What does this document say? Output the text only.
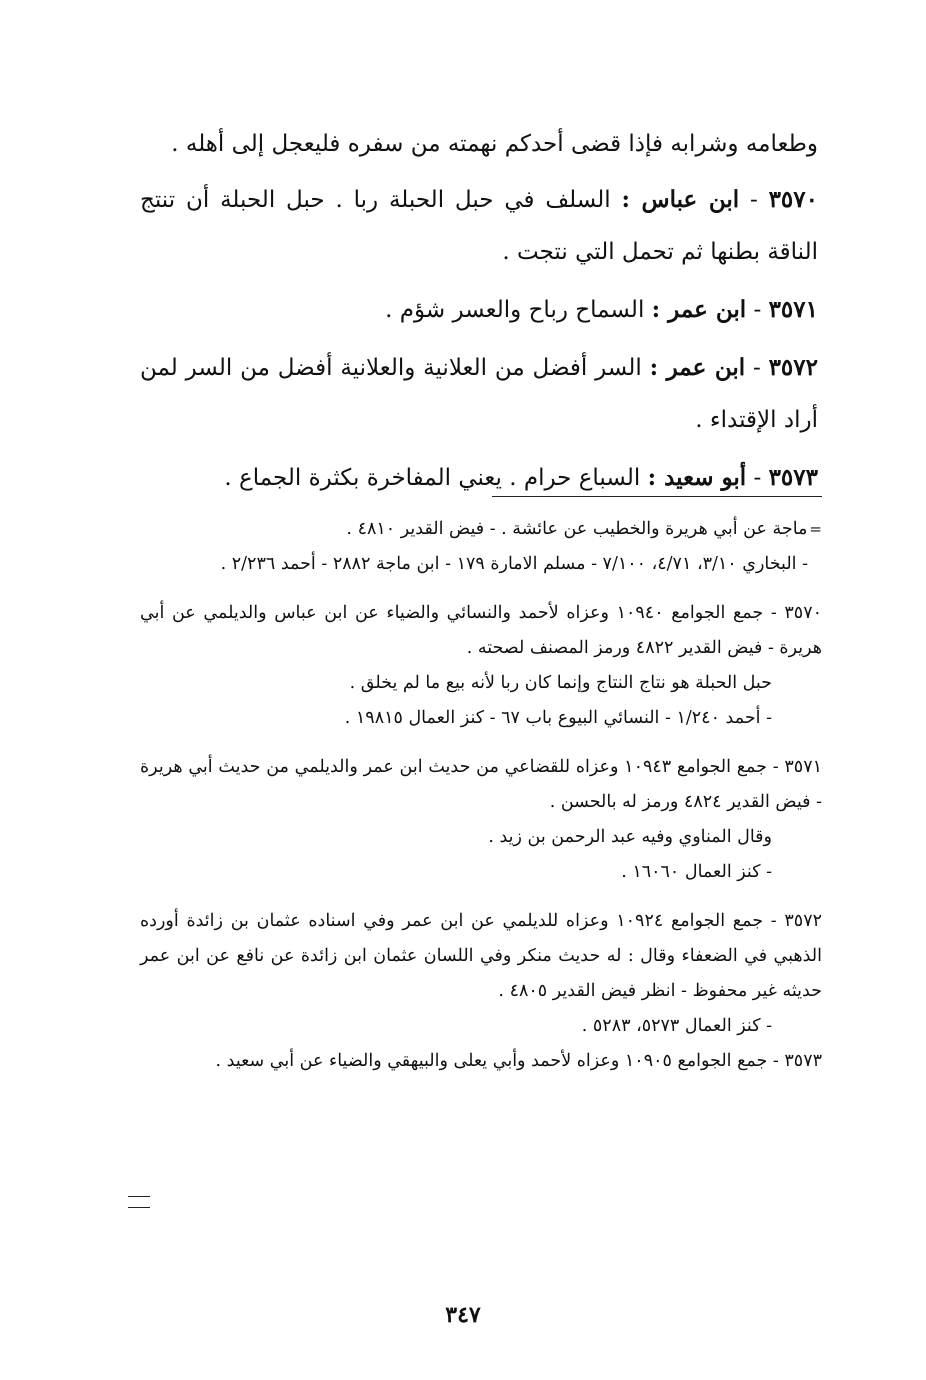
وطعامه وشرابه فإذا قضى أحدكم نهمته من سفره فليعجل إلى أهله .

٣٥٧٠ - ابن عباس : السلف في حبل الحبلة ربا . حبل الحبلة أن تنتج الناقة بطنها ثم تحمل التي نتجت .

٣٥٧١ - ابن عمر : السماح رباح والعسر شؤم .

٣٥٧٢ - ابن عمر : السر أفضل من العلانية والعلانية أفضل من السر لمن أراد الإقتداء .

٣٥٧٣ - أبو سعيد : السباع حرام . يعني المفاخرة بكثرة الجماع .

=ماجة عن أبي هريرة والخطيب عن عائشة . - فيض القدير ٤٨١٠ .

- البخاري ٣/١٠، ٤/٧١، ٧/١٠٠ - مسلم الامارة ١٧٩ - ابن ماجة ٢٨٨٢ - أحمد ٢/٢٣٦ .

٣٥٧٠ - جمع الجوامع ١٠٩٤٠ وعزاه لأحمد والنسائي والضياء عن ابن عباس والديلمي عن أبي هريرة - فيض القدير ٤٨٢٢ ورمز المصنف لصحته .

حبل الحبلة هو نتاج النتاج وإنما كان ربا لأنه بيع ما لم يخلق .

- أحمد ١/٢٤٠ - النسائي البيوع باب ٦٧ - كنز العمال ١٩٨١٥ .

٣٥٧١ - جمع الجوامع ١٠٩٤٣ وعزاه للقضاعي من حديث ابن عمر والديلمي من حديث أبي هريرة - فيض القدير ٤٨٢٤ ورمز له بالحسن .

وقال المناوي وفيه عبد الرحمن بن زيد .

- كنز العمال ١٦٠٦٠ .

٣٥٧٢ - جمع الجوامع ١٠٩٢٤ وعزاه للديلمي عن ابن عمر وفي اسناده عثمان بن زائدة أورده الذهبي في الضعفاء وقال : له حديث منكر وفي اللسان عثمان ابن زائدة عن نافع عن ابن عمر حديثه غير محفوظ - انظر فيض القدير ٤٨٠٥ .

- كنز العمال ٥٢٧٣، ٥٢٨٣ .

٣٥٧٣ - جمع الجوامع ١٠٩٠٥ وعزاه لأحمد وأبي يعلى والبيهقي والضياء عن أبي سعيد .

٣٤٧
